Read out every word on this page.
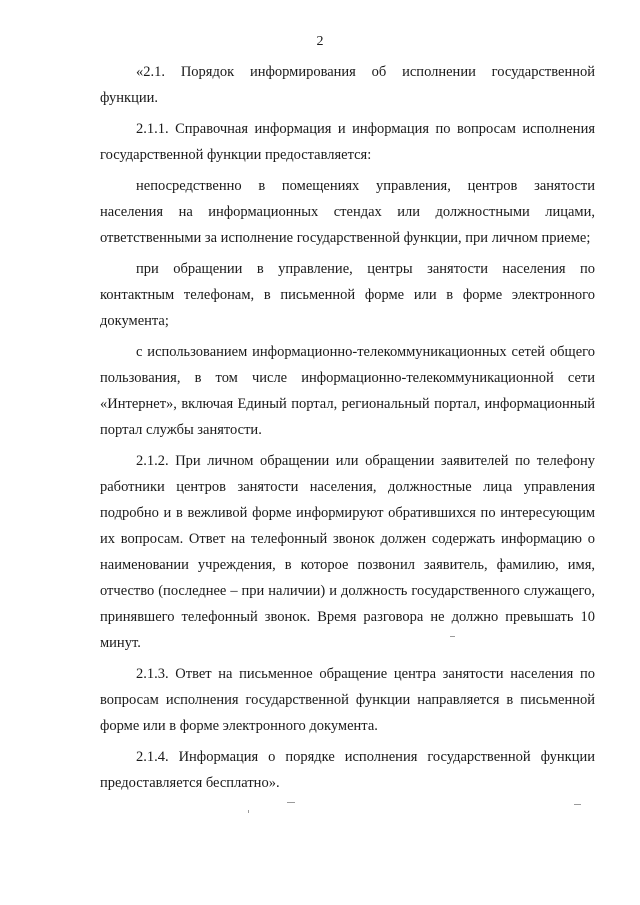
2

«2.1. Порядок информирования об исполнении государственной функции.

2.1.1. Справочная информация и информация по вопросам исполнения государственной функции предоставляется:

непосредственно в помещениях управления, центров занятости населения на информационных стендах или должностными лицами, ответственными за исполнение государственной функции, при личном приеме;

при обращении в управление, центры занятости населения по контактным телефонам, в письменной форме или в форме электронного документа;

с использованием информационно-телекоммуникационных сетей общего пользования, в том числе информационно-телекоммуникационной сети «Интернет», включая Единый портал, региональный портал, информационный портал службы занятости.

2.1.2. При личном обращении или обращении заявителей по телефону работники центров занятости населения, должностные лица управления подробно и в вежливой форме информируют обратившихся по интересующим их вопросам. Ответ на телефонный звонок должен содержать информацию о наименовании учреждения, в которое позвонил заявитель, фамилию, имя, отчество (последнее – при наличии) и должность государственного служащего, принявшего телефонный звонок. Время разговора не должно превышать 10 минут.

2.1.3. Ответ на письменное обращение центра занятости населения по вопросам исполнения государственной функции направляется в письменной форме или в форме электронного документа.

2.1.4. Информация о порядке исполнения государственной функции предоставляется бесплатно».
